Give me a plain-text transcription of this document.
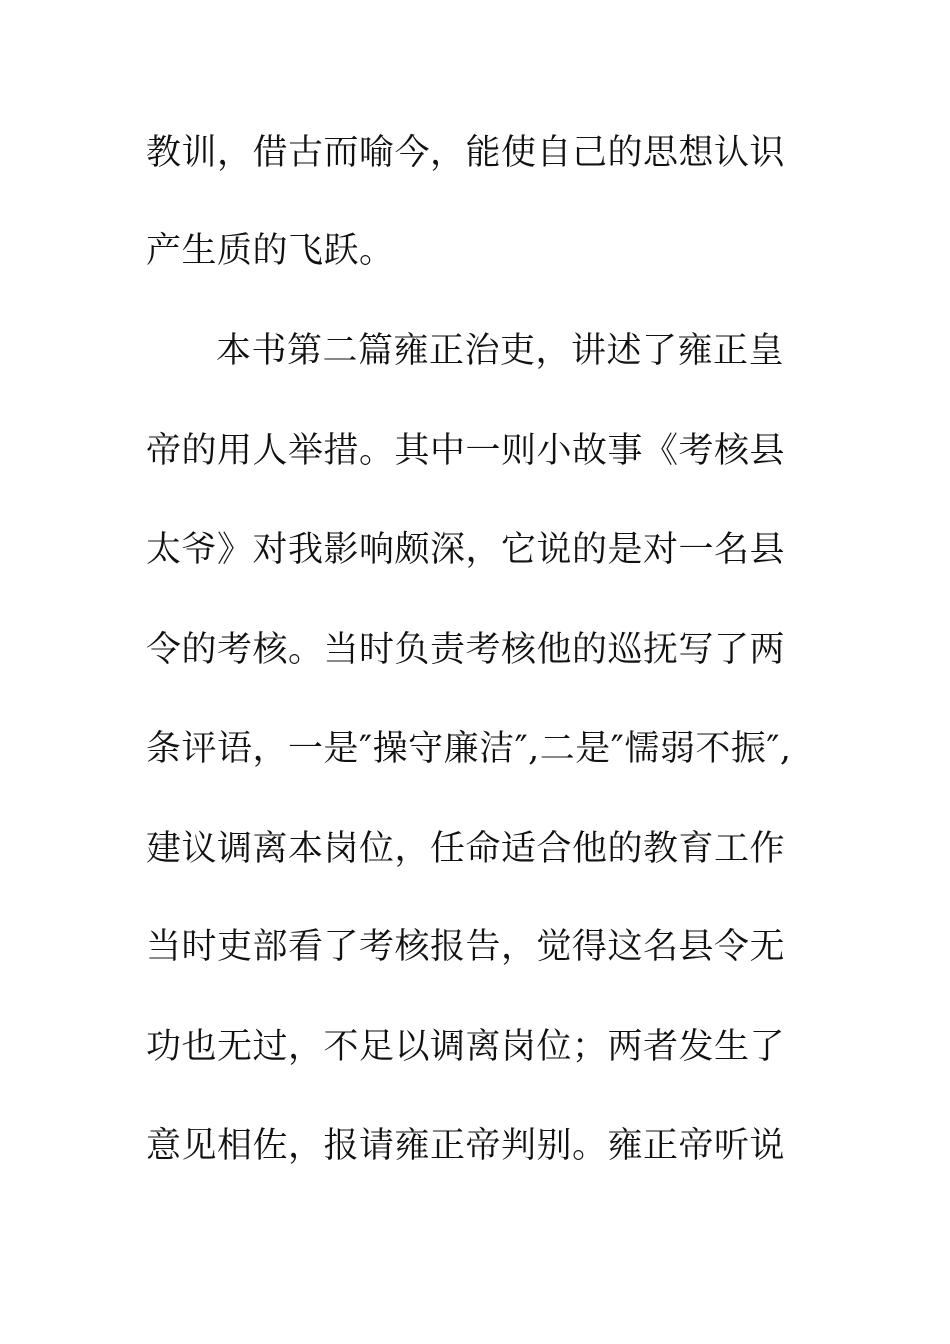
教训，借古而喻今，能使自己的思想认识

产生质的飞跃。

本书第二篇雍正治吏，讲述了雍正皇

帝的用人举措。其中一则小故事《考核县

太爷》对我影响颇深，它说的是对一名县

令的考核。当时负责考核他的巡抚写了两

条评语，一是″操守廉洁″,二是″懦弱不振″,

建议调离本岗位，任命适合他的教育工作

当时吏部看了考核报告，觉得这名县令无

功也无过，不足以调离岗位；两者发生了

意见相佐，报请雍正帝判别。雍正帝听说
